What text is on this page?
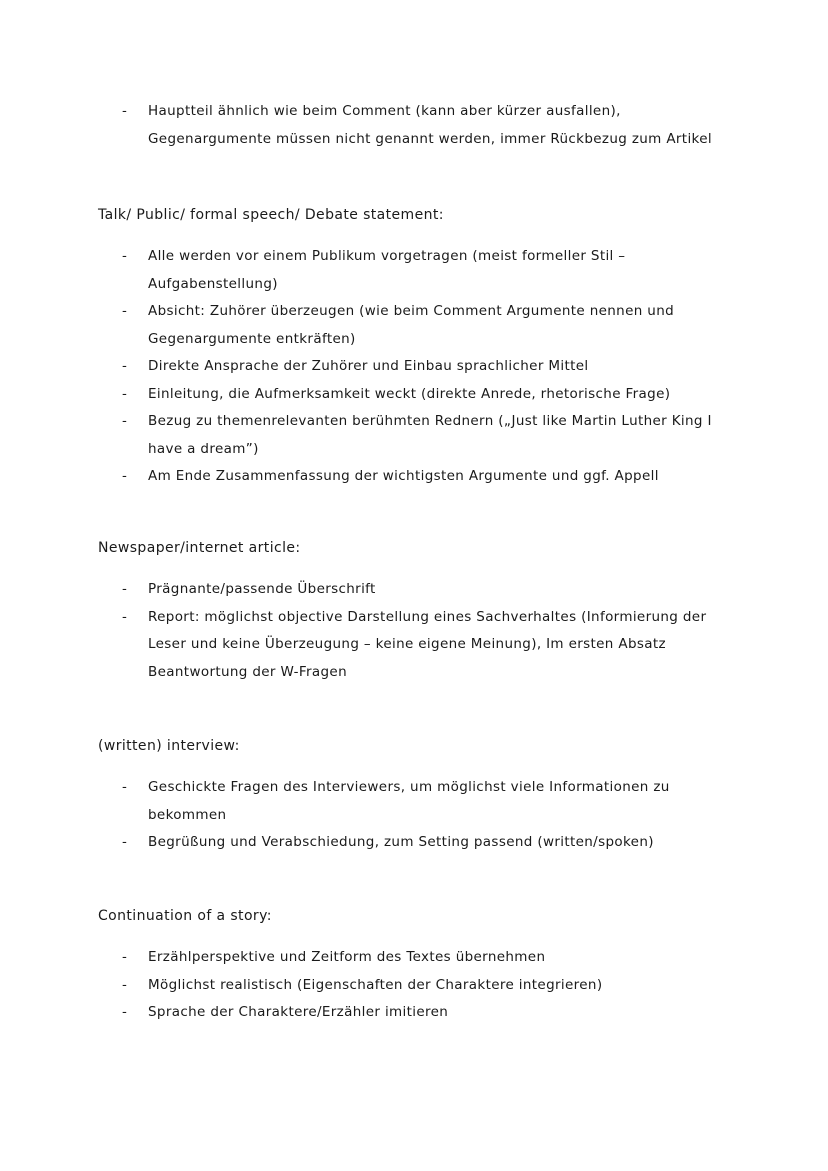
- Hauptteil ähnlich wie beim Comment (kann aber kürzer ausfallen), Gegenargumente müssen nicht genannt werden, immer Rückbezug zum Artikel
Talk/ Public/ formal speech/ Debate statement:
- Alle werden vor einem Publikum vorgetragen (meist formeller Stil – Aufgabenstellung)
- Absicht: Zuhörer überzeugen (wie beim Comment Argumente nennen und Gegenargumente entkräften)
- Direkte Ansprache der Zuhörer und Einbau sprachlicher Mittel
- Einleitung, die Aufmerksamkeit weckt (direkte Anrede, rhetorische Frage)
- Bezug zu themenrelevanten berühmten Rednern („Just like Martin Luther King I have a dream”)
- Am Ende Zusammenfassung der wichtigsten Argumente und ggf. Appell
Newspaper/internet article:
- Prägnante/passende Überschrift
- Report: möglichst objective Darstellung eines Sachverhaltes (Informierung der Leser und keine Überzeugung – keine eigene Meinung), Im ersten Absatz Beantwortung der W-Fragen
(written) interview:
- Geschickte Fragen des Interviewers, um möglichst viele Informationen zu bekommen
- Begrüßung und Verabschiedung, zum Setting passend (written/spoken)
Continuation of a story:
- Erzählperspektive und Zeitform des Textes übernehmen
- Möglichst realistisch (Eigenschaften der Charaktere integrieren)
- Sprache der Charaktere/Erzähler imitieren
